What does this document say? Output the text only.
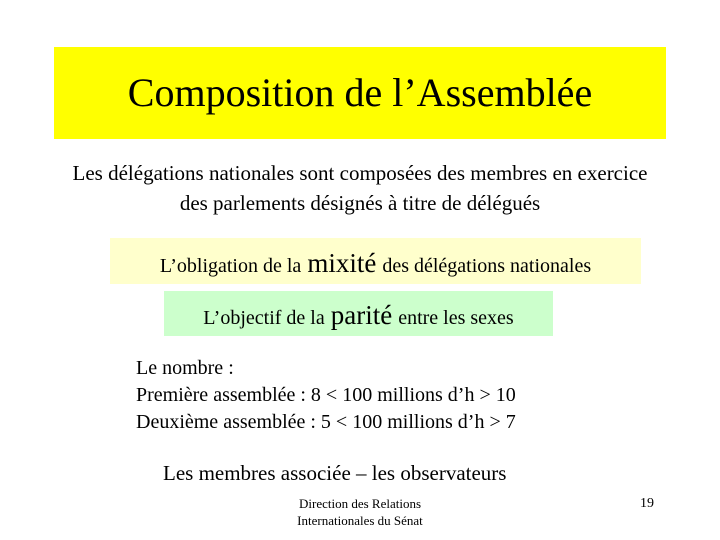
Composition de l’Assemblée
Les délégations nationales sont composées des membres en exercice
des parlements désignés à titre de délégués
L’obligation de la mixité des délégations nationales
L’objectif de la parité entre les sexes
Le nombre :
Première assemblée : 8 < 100 millions d’h > 10
Deuxième assemblée : 5 < 100 millions d’h > 7
Les membres associée – les observateurs
Direction des Relations
Internationales du Sénat
19
